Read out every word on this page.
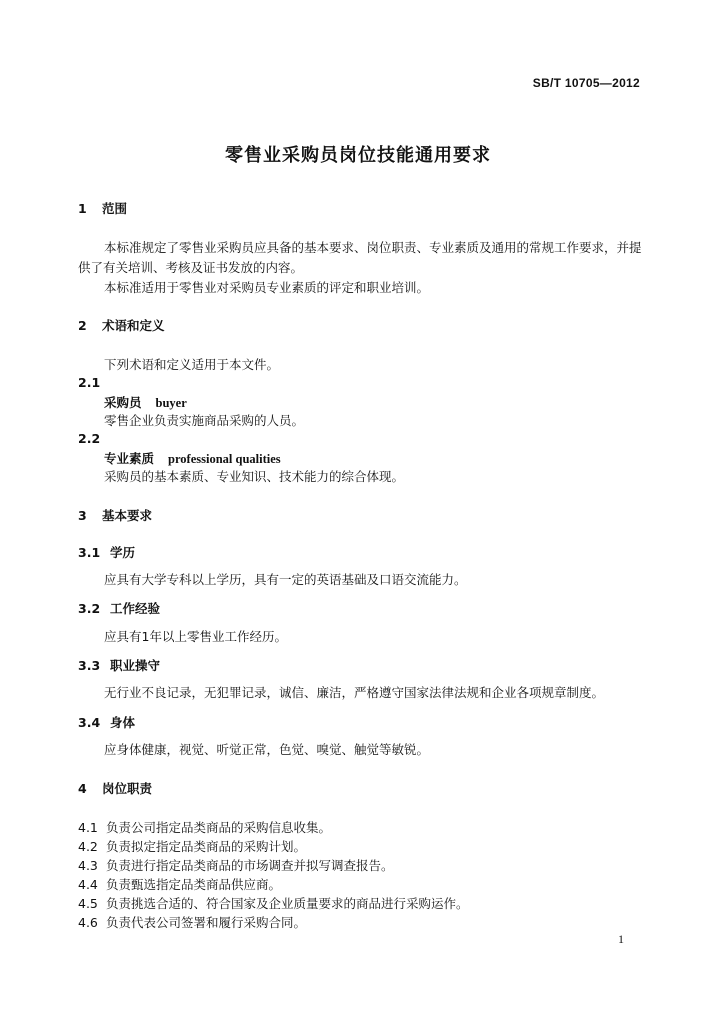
SB/T 10705—2012
零售业采购员岗位技能通用要求
1 范围
本标准规定了零售业采购员应具备的基本要求、岗位职责、专业素质及通用的常规工作要求，并提
供了有关培训、考核及证书发放的内容。
本标准适用于零售业对采购员专业素质的评定和职业培训。
2 术语和定义
下列术语和定义适用于本文件。
2.1
采购员 buyer
零售企业负责实施商品采购的人员。
2.2
专业素质 professional qualities
采购员的基本素质、专业知识、技术能力的综合体现。
3 基本要求
3.1 学历
应具有大学专科以上学历，具有一定的英语基础及口语交流能力。
3.2 工作经验
应具有1年以上零售业工作经历。
3.3 职业操守
无行业不良记录，无犯罪记录，诚信、廉洁，严格遵守国家法律法规和企业各项规章制度。
3.4 身体
应身体健康，视觉、听觉正常，色觉、嗅觉、触觉等敏锐。
4 岗位职责
4.1 负责公司指定品类商品的采购信息收集。
4.2 负责拟定指定品类商品的采购计划。
4.3 负责进行指定品类商品的市场调查并拟写调查报告。
4.4 负责甄选指定品类商品供应商。
4.5 负责挑选合适的、符合国家及企业质量要求的商品进行采购运作。
4.6 负责代表公司签署和履行采购合同。
1
